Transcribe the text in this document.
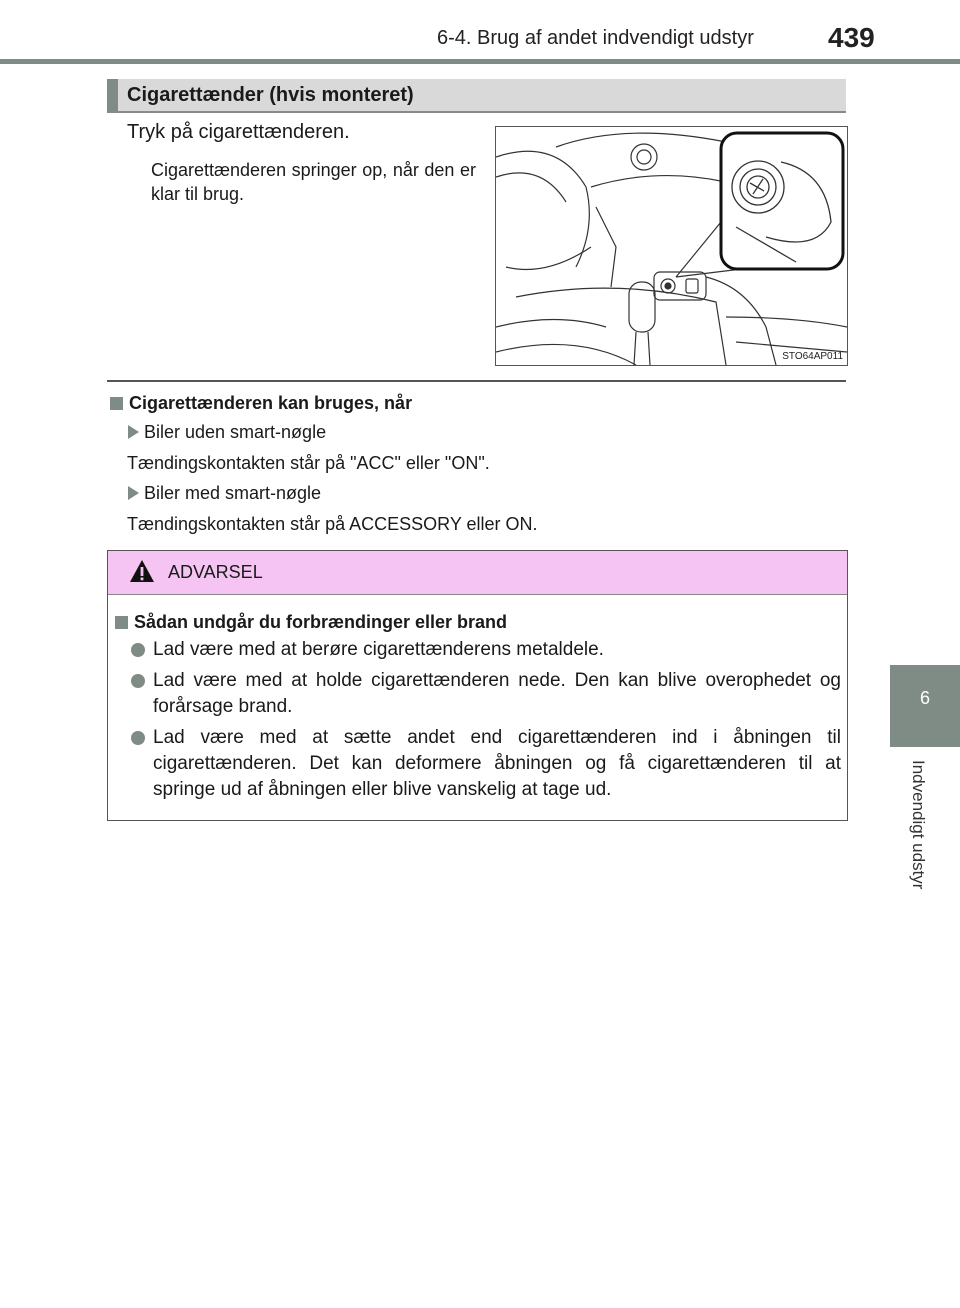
6-4. Brug af andet indvendigt udstyr	439
6
Indvendigt udstyr
Cigarettænder (hvis monteret)
Tryk på cigarettænderen.
Cigarettænderen springer op, når den er klar til brug.
STO64AP011
Cigarettænderen kan bruges, når
Biler uden smart-nøgle
Tændingskontakten står på "ACC" eller "ON".
Biler med smart-nøgle
Tændingskontakten står på ACCESSORY eller ON.
ADVARSEL
Sådan undgår du forbrændinger eller brand
Lad være med at berøre cigarettænderens metaldele.
Lad være med at holde cigarettænderen nede. Den kan blive overophedet og forårsage brand.
Lad være med at sætte andet end cigarettænderen ind i åbningen til cigarettænderen. Det kan deformere åbningen og få cigarettænderen til at springe ud af åbningen eller blive vanskelig at tage ud.
